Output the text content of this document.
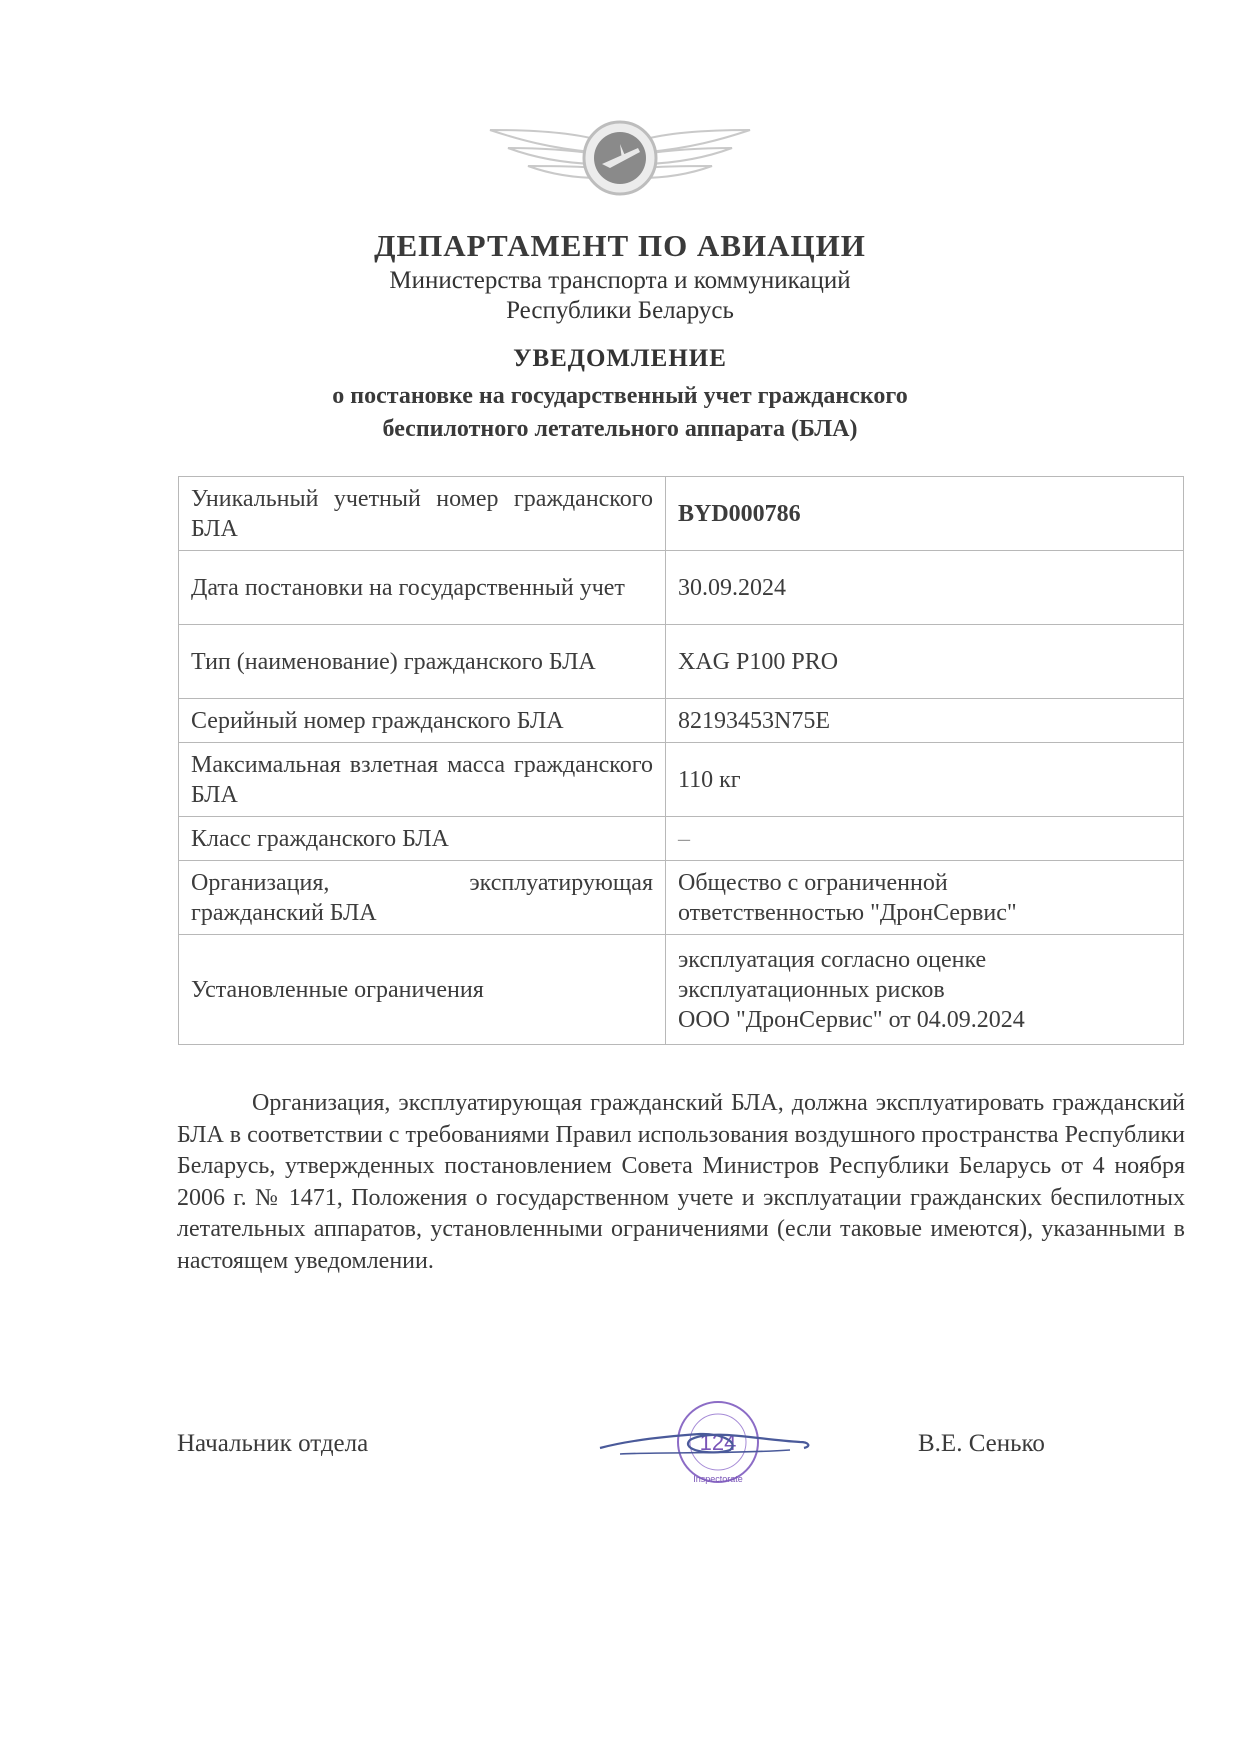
ДЕПАРТАМЕНТ ПО АВИАЦИИ
Министерства транспорта и коммуникаций
Республики Беларусь
УВЕДОМЛЕНИЕ
о постановке на государственный учет гражданского
беспилотного летательного аппарата (БЛА)
Уникальный учетный номер гражданского БЛА	BYD000786
Дата постановки на государственный учет	30.09.2024
Тип (наименование) гражданского БЛА	XAG P100 PRO
Серийный номер гражданского БЛА	82193453N75E
Максимальная взлетная масса гражданского БЛА	110 кг
Класс гражданского БЛА	–
Организация, эксплуатирующая гражданский БЛА	Общество с ограниченной
ответственностью "ДронСервис"

Установленные ограничения	эксплуатация согласно оценке
эксплуатационных рисков
ООО "ДронСервис" от 04.09.2024
Организация, эксплуатирующая гражданский БЛА, должна эксплуатировать гражданский БЛА в соответствии с требованиями Правил использования воздушного пространства Республики Беларусь, утвержденных постановлением Совета Министров Республики Беларусь от 4 ноября 2006 г. № 1471, Положения о государственном учете и эксплуатации гражданских беспилотных летательных аппаратов, установленными ограничениями (если таковые имеются), указанными в настоящем уведомлении.
Начальник отдела	124
Inspectorate
В.Е. Сенько
